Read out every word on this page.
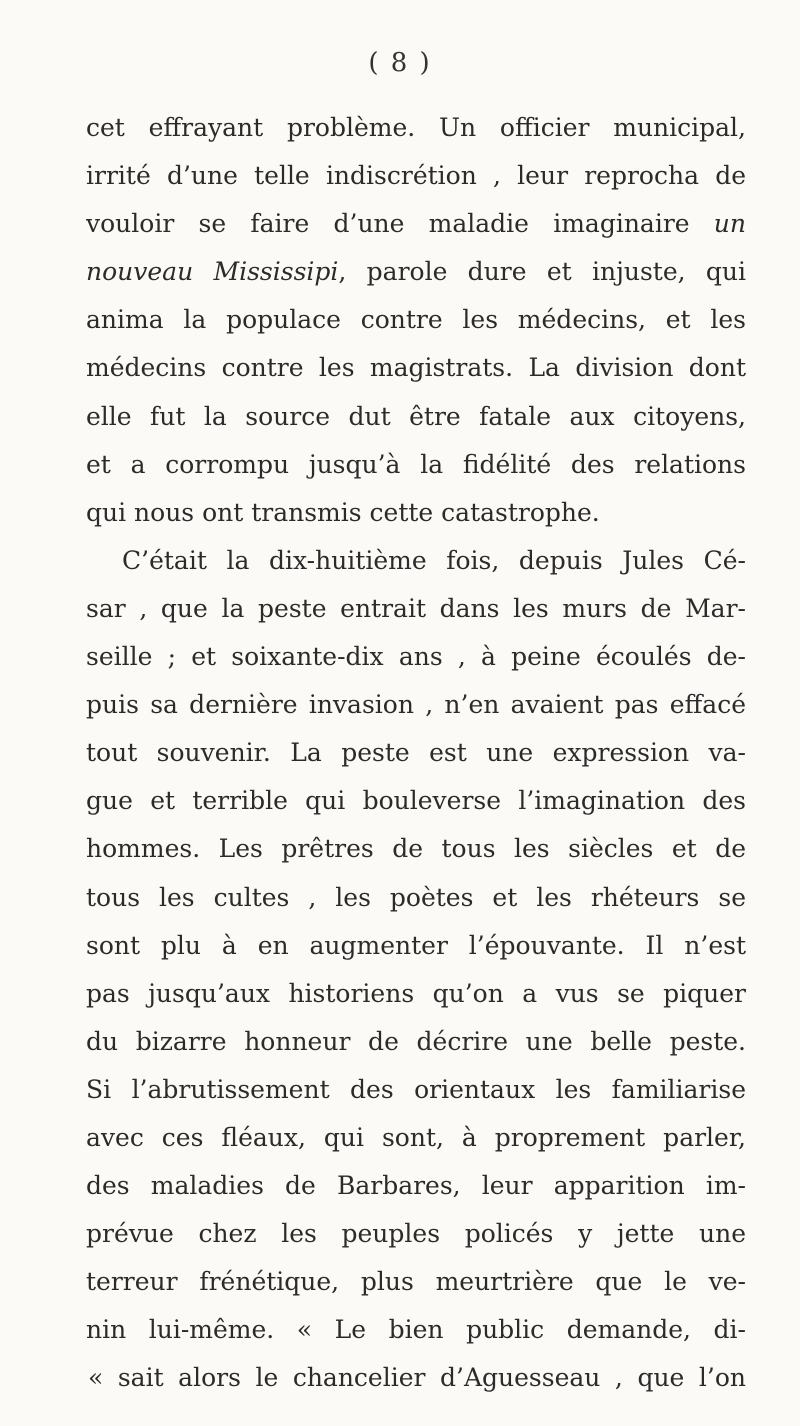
( 8 )
cet effrayant problème. Un officier municipal,
irrité d’une telle indiscrétion , leur reprocha de
vouloir se faire d’une maladie imaginaire un
nouveau Mississipi, parole dure et injuste, qui
anima la populace contre les médecins, et les
médecins contre les magistrats. La division dont
elle fut la source dut être fatale aux citoyens,
et a corrompu jusqu’à la fidélité des relations
qui nous ont transmis cette catastrophe.
C’était la dix-huitième fois, depuis Jules Cé-
sar , que la peste entrait dans les murs de Mar-
seille ; et soixante-dix ans , à peine écoulés de-
puis sa dernière invasion , n’en avaient pas effacé
tout souvenir. La peste est une expression va-
gue et terrible qui bouleverse l’imagination des
hommes. Les prêtres de tous les siècles et de
tous les cultes , les poètes et les rhéteurs se
sont plu à en augmenter l’épouvante. Il n’est
pas jusqu’aux historiens qu’on a vus se piquer
du bizarre honneur de décrire une belle peste.
Si l’abrutissement des orientaux les familiarise
avec ces fléaux, qui sont, à proprement parler,
des maladies de Barbares, leur apparition im-
prévue chez les peuples policés y jette une
terreur frénétique, plus meurtrière que le ve-
nin lui-même. « Le bien public demande, di-
« sait alors le chancelier d’Aguesseau , que l’on
